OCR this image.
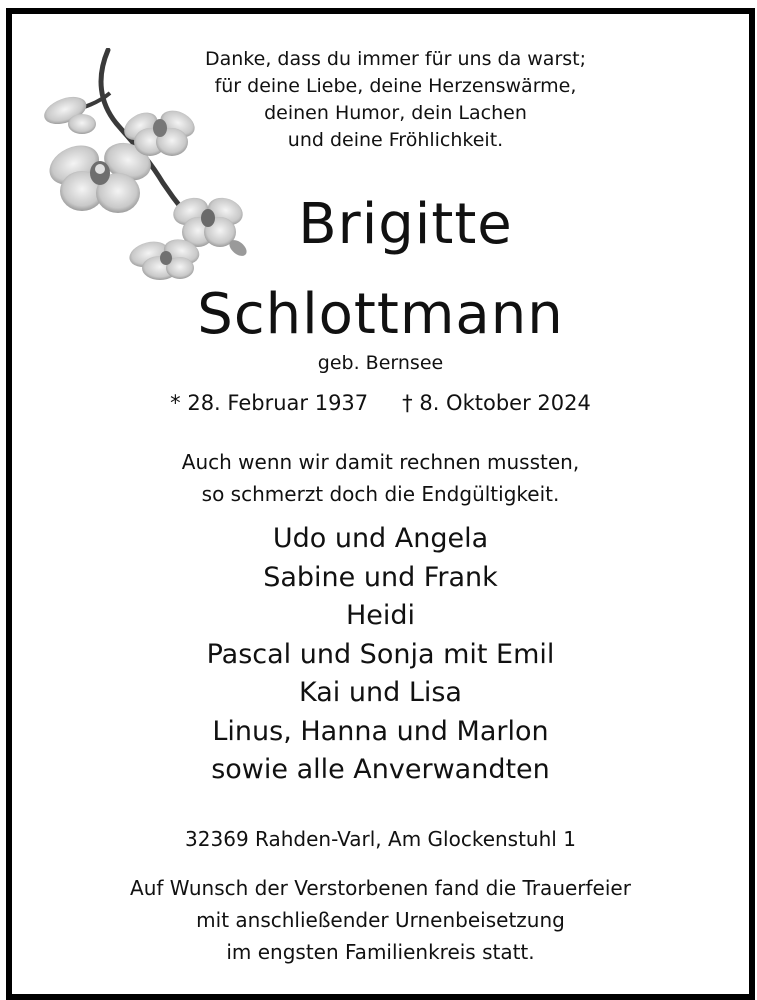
Danke, dass du immer für uns da warst;
für deine Liebe, deine Herzenswärme,
deinen Humor, dein Lachen
und deine Fröhlichkeit.
Brigitte
Schlottmann
geb. Bernsee
* 28. Februar 1937 † 8. Oktober 2024
Auch wenn wir damit rechnen mussten,
so schmerzt doch die Endgültigkeit.
Udo und Angela
Sabine und Frank
Heidi
Pascal und Sonja mit Emil
Kai und Lisa
Linus, Hanna und Marlon
sowie alle Anverwandten
32369 Rahden-Varl, Am Glockenstuhl 1
Auf Wunsch der Verstorbenen fand die Trauerfeier
mit anschließender Urnenbeisetzung
im engsten Familienkreis statt.
